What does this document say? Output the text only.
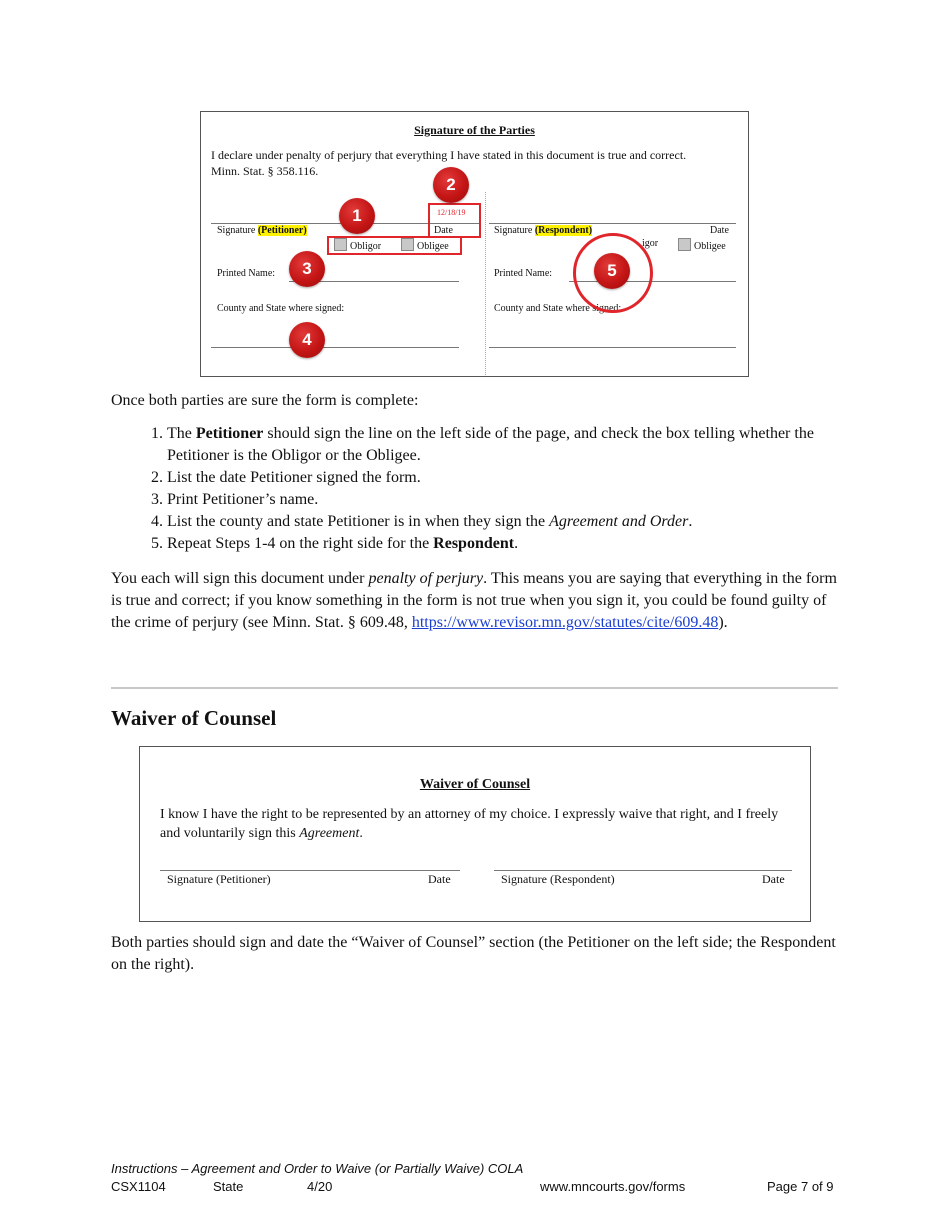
Signature of the Parties
I declare under penalty of perjury that everything I have stated in this document is true and correct. Minn. Stat. § 358.116.
Signature (Petitioner)	Date
12/18/19
Obligor	Obligee
Printed Name:
County and State where signed:
Signature (Respondent)	Date
igor	Obligee
Printed Name:
County and State where signed:
1
2
3
4
5
Once both parties are sure the form is complete:
1. The Petitioner should sign the line on the left side of the page, and check the box telling whether the Petitioner is the Obligor or the Obligee.
2. List the date Petitioner signed the form.
3. Print Petitioner’s name.
4. List the county and state Petitioner is in when they sign the Agreement and Order.
5. Repeat Steps 1-4 on the right side for the Respondent.
You each will sign this document under penalty of perjury. This means you are saying that everything in the form is true and correct; if you know something in the form is not true when you sign it, you could be found guilty of the crime of perjury (see Minn. Stat. § 609.48, https://www.revisor.mn.gov/statutes/cite/609.48).
Waiver of Counsel
Waiver of Counsel
I know I have the right to be represented by an attorney of my choice. I expressly waive that right, and I freely and voluntarily sign this Agreement.
Signature (Petitioner)	Date	Signature (Respondent)	Date
Both parties should sign and date the “Waiver of Counsel” section (the Petitioner on the left side; the Respondent on the right).
Instructions – Agreement and Order to Waive (or Partially Waive) COLA
CSX1104	State	4/20	www.mncourts.gov/forms	Page 7 of 9
